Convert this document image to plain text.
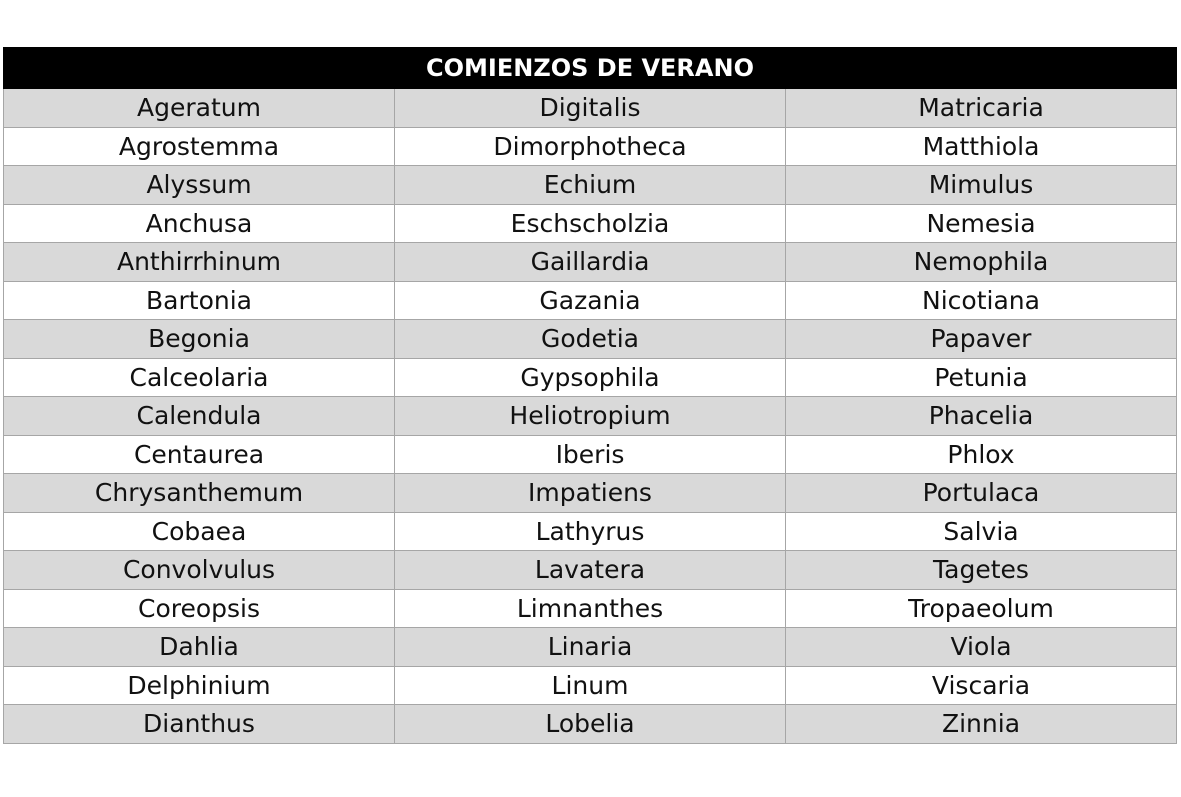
COMIENZOS DE VERANO		
Ageratum	Digitalis	Matricaria
Agrostemma	Dimorphotheca	Matthiola
Alyssum	Echium	Mimulus
Anchusa	Eschscholzia	Nemesia
Anthirrhinum	Gaillardia	Nemophila
Bartonia	Gazania	Nicotiana
Begonia	Godetia	Papaver
Calceolaria	Gypsophila	Petunia
Calendula	Heliotropium	Phacelia
Centaurea	Iberis	Phlox
Chrysanthemum	Impatiens	Portulaca
Cobaea	Lathyrus	Salvia
Convolvulus	Lavatera	Tagetes
Coreopsis	Limnanthes	Tropaeolum
Dahlia	Linaria	Viola
Delphinium	Linum	Viscaria
Dianthus	Lobelia	Zinnia
